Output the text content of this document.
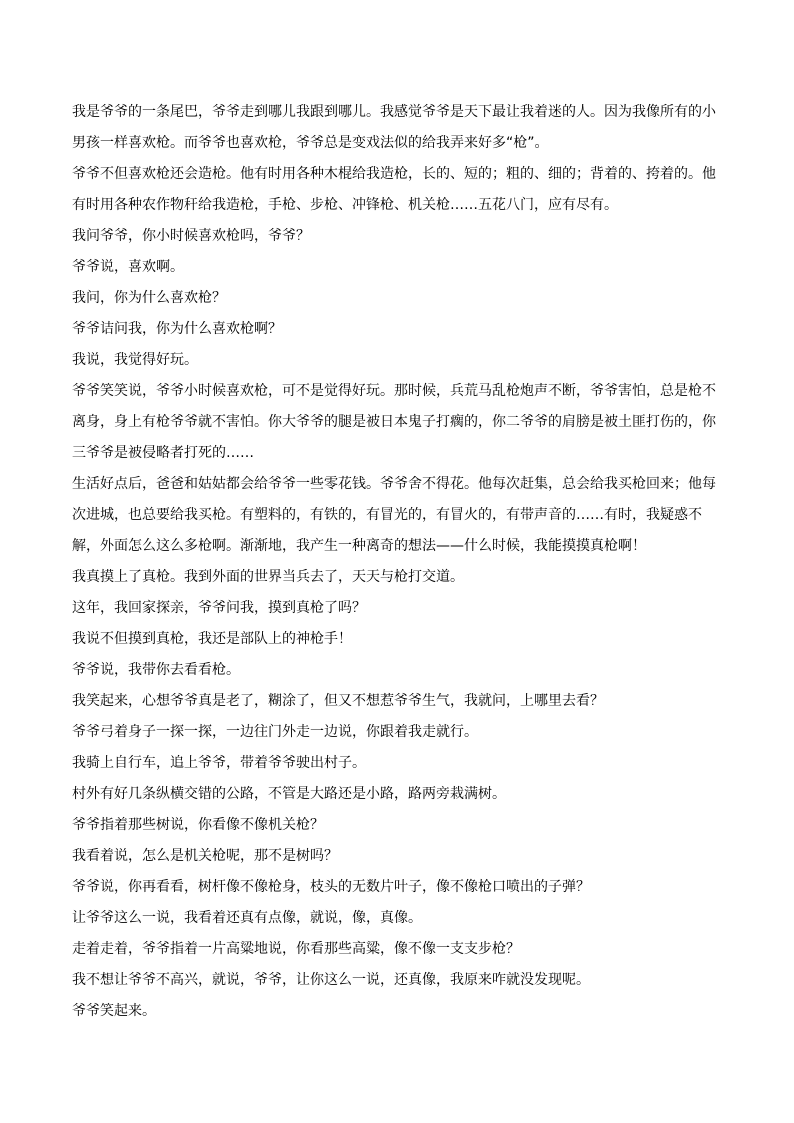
我是爷爷的一条尾巴，爷爷走到哪儿我跟到哪儿。我感觉爷爷是天下最让我着迷的人。因为我像所有的小男孩一样喜欢枪。而爷爷也喜欢枪，爷爷总是变戏法似的给我弄来好多“枪”。

爷爷不但喜欢枪还会造枪。他有时用各种木棍给我造枪，长的、短的；粗的、细的；背着的、挎着的。他有时用各种农作物秆给我造枪，手枪、步枪、冲锋枪、机关枪……五花八门，应有尽有。

我问爷爷，你小时候喜欢枪吗，爷爷？

爷爷说，喜欢啊。

我问，你为什么喜欢枪？

爷爷诘问我，你为什么喜欢枪啊？

我说，我觉得好玩。

爷爷笑笑说，爷爷小时候喜欢枪，可不是觉得好玩。那时候，兵荒马乱枪炮声不断，爷爷害怕，总是枪不离身，身上有枪爷爷就不害怕。你大爷爷的腿是被日本鬼子打瘸的，你二爷爷的肩膀是被土匪打伤的，你三爷爷是被侵略者打死的……

生活好点后，爸爸和姑姑都会给爷爷一些零花钱。爷爷舍不得花。他每次赶集，总会给我买枪回来；他每次进城，也总要给我买枪。有塑料的，有铁的，有冒光的，有冒火的，有带声音的……有时，我疑惑不解，外面怎么这么多枪啊。渐渐地，我产生一种离奇的想法——什么时候，我能摸摸真枪啊！

我真摸上了真枪。我到外面的世界当兵去了，天天与枪打交道。

这年，我回家探亲，爷爷问我，摸到真枪了吗？

我说不但摸到真枪，我还是部队上的神枪手！

爷爷说，我带你去看看枪。

我笑起来，心想爷爷真是老了，糊涂了，但又不想惹爷爷生气，我就问，上哪里去看？

爷爷弓着身子一探一探，一边往门外走一边说，你跟着我走就行。

我骑上自行车，追上爷爷，带着爷爷驶出村子。

村外有好几条纵横交错的公路，不管是大路还是小路，路两旁栽满树。

爷爷指着那些树说，你看像不像机关枪？

我看着说，怎么是机关枪呢，那不是树吗？

爷爷说，你再看看，树杆像不像枪身，枝头的无数片叶子，像不像枪口喷出的子弹？

让爷爷这么一说，我看着还真有点像，就说，像，真像。

走着走着，爷爷指着一片高粱地说，你看那些高粱，像不像一支支步枪？

我不想让爷爷不高兴，就说，爷爷，让你这么一说，还真像，我原来咋就没发现呢。

爷爷笑起来。
